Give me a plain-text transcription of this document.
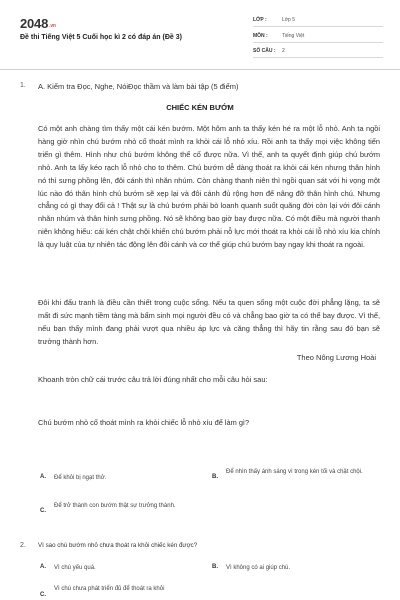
2048.vn
Đề thi Tiếng Việt 5 Cuối học kì 2 có đáp án (Đề 3)
LỚP :	Lớp 5
MÔN :	Tiếng Việt
SỐ CÂU : 2
1. A. Kiểm tra Đọc, Nghe, NóiĐọc thầm và làm bài tập (5 điểm)
CHIẾC KÉN BƯỚM
Có một anh chàng tìm thấy một cái kén bướm. Một hôm anh ta thấy kén hé ra một lỗ nhỏ. Anh ta ngồi hàng giờ nhìn chú bướm nhỏ cố thoát mình ra khỏi cái lỗ nhỏ xíu. Rồi anh ta thấy mọi việc không tiến triển gì thêm. Hình như chú bướm không thể cố được nữa. Vì thế, anh ta quyết định giúp chú bướm nhỏ. Anh ta lấy kéo rạch lỗ nhỏ cho to thêm. Chú bướm dễ dàng thoát ra khỏi cái kén nhưng thân hình nó thì sưng phồng lên, đôi cánh thì nhăn nhúm. Còn chàng thanh niên thì ngồi quan sát với hi vọng một lúc nào đó thân hình chú bướm sẽ xẹp lại và đôi cánh đủ rộng hơn để nâng đỡ thân hình chú. Nhưng chẳng có gì thay đổi cả ! Thật sự là chú bướm phải bò loanh quanh suốt quãng đời còn lại với đôi cánh nhăn nhúm và thân hình sưng phồng. Nó sẽ không bao giờ bay được nữa. Có một điều mà người thanh niên không hiểu: cái kén chật chội khiến chú bướm phải nỗ lực mới thoát ra khỏi cái lỗ nhỏ xíu kia chính là quy luật của tự nhiên tác động lên đôi cánh và cơ thể giúp chú bướm bay ngay khi thoát ra ngoài.
Đôi khi đấu tranh là điều cần thiết trong cuộc sống. Nếu ta quen sống một cuộc đời phẳng lặng, ta sẽ mất đi sức mạnh tiềm tàng mà bẩm sinh mọi người đều có và chẳng bao giờ ta có thể bay được. Vì thế, nếu bạn thấy mình đang phải vượt qua nhiều áp lực và căng thẳng thì hãy tin rằng sau đó bạn sẽ trưởng thành hơn.
Theo Nông Lương Hoài
Khoanh tròn chữ cái trước câu trả lời đúng nhất cho mỗi câu hỏi sau:
Chú bướm nhỏ cố thoát mình ra khỏi chiếc lỗ nhỏ xíu để làm gì?
A. Để khỏi bị ngạt thở.	B.
Để nhìn thấy ánh sáng vì trong kén tối và chật chội.
C.
Để trở thành con bướm thật sự trưởng thành.
2. Vì sao chú bướm nhỏ chưa thoát ra khỏi chiếc kén được?
A. Vì chú yếu quá.	B. Vì không có ai giúp chú.
C.
Vì chú chưa phát triển đủ để thoát ra khỏi
